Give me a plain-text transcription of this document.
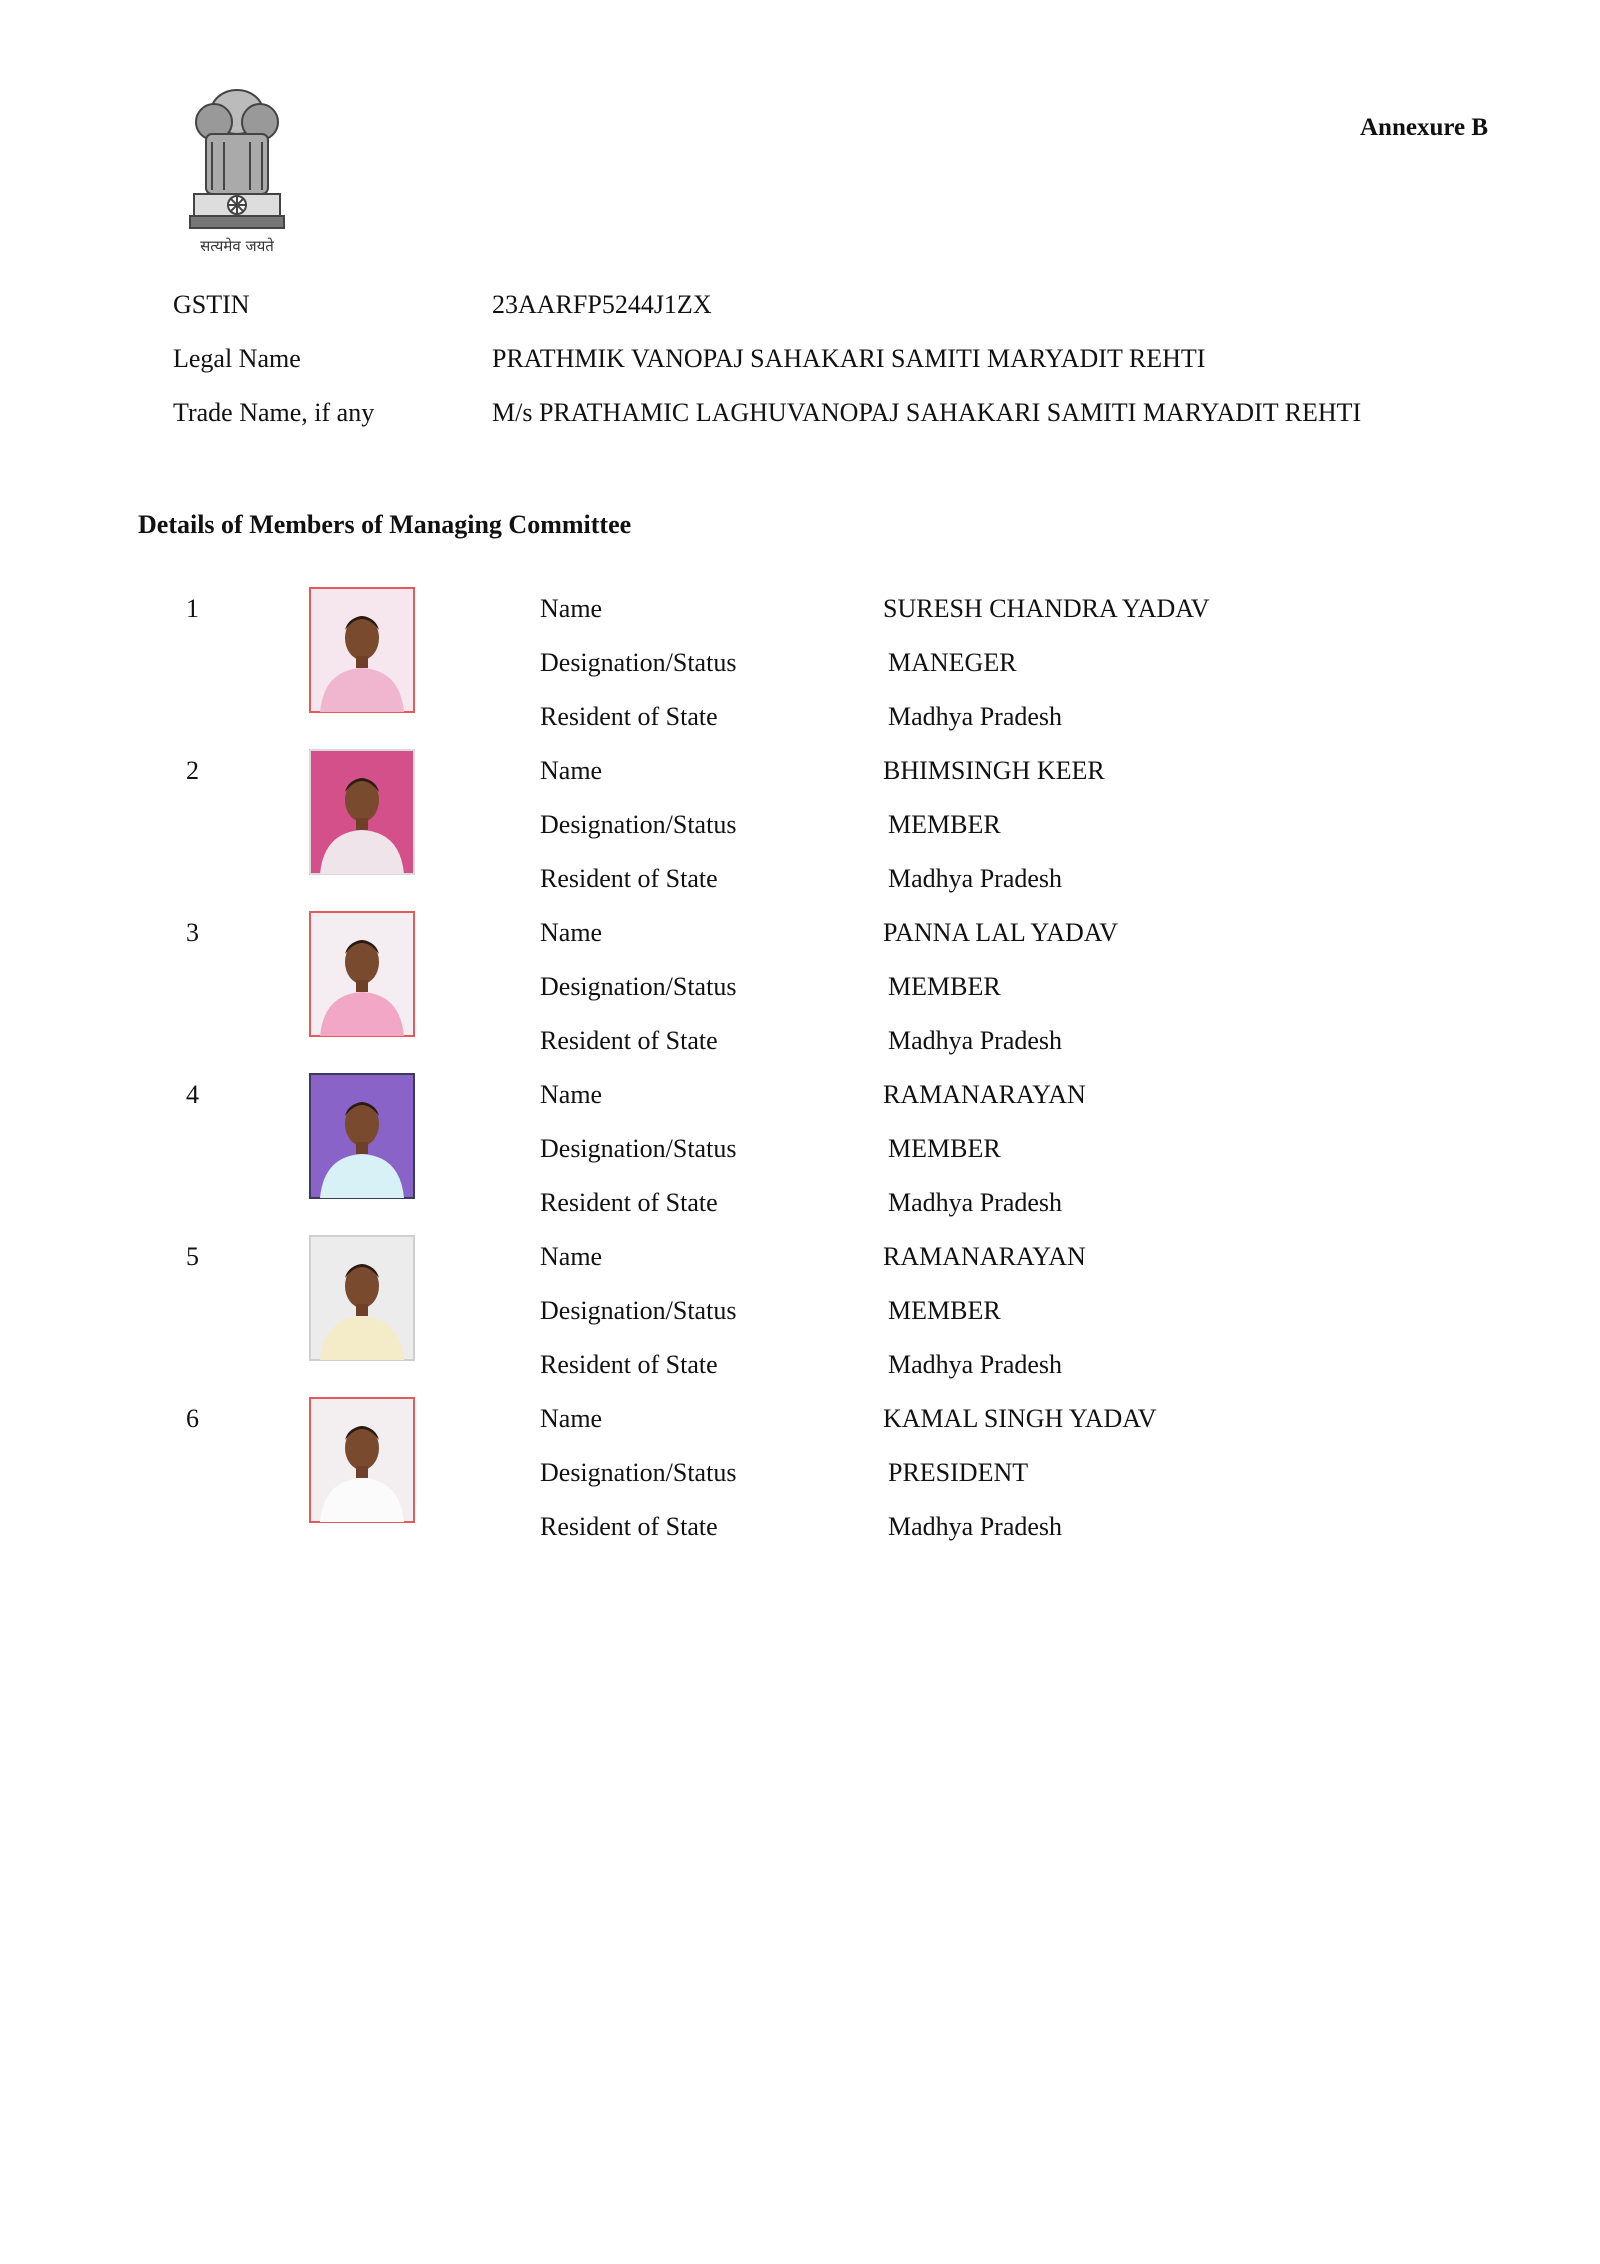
सत्यमेव जयते
Annexure B
GSTIN	23AARFP5244J1ZX
Legal Name	PRATHMIK VANOPAJ SAHAKARI SAMITI MARYADIT REHTI
Trade Name, if any	M/s PRATHAMIC LAGHUVANOPAJ SAHAKARI SAMITI MARYADIT REHTI
Details of Members of Managing Committee
1	Name	SURESH CHANDRA YADAV
Designation/Status	MANEGER
Resident of State	Madhya Pradesh
2	Name	BHIMSINGH KEER
Designation/Status	MEMBER
Resident of State	Madhya Pradesh
3	Name	PANNA LAL YADAV
Designation/Status	MEMBER
Resident of State	Madhya Pradesh
4	Name	RAMANARAYAN
Designation/Status	MEMBER
Resident of State	Madhya Pradesh
5	Name	RAMANARAYAN
Designation/Status	MEMBER
Resident of State	Madhya Pradesh
6	Name	KAMAL SINGH YADAV
Designation/Status	PRESIDENT
Resident of State	Madhya Pradesh
